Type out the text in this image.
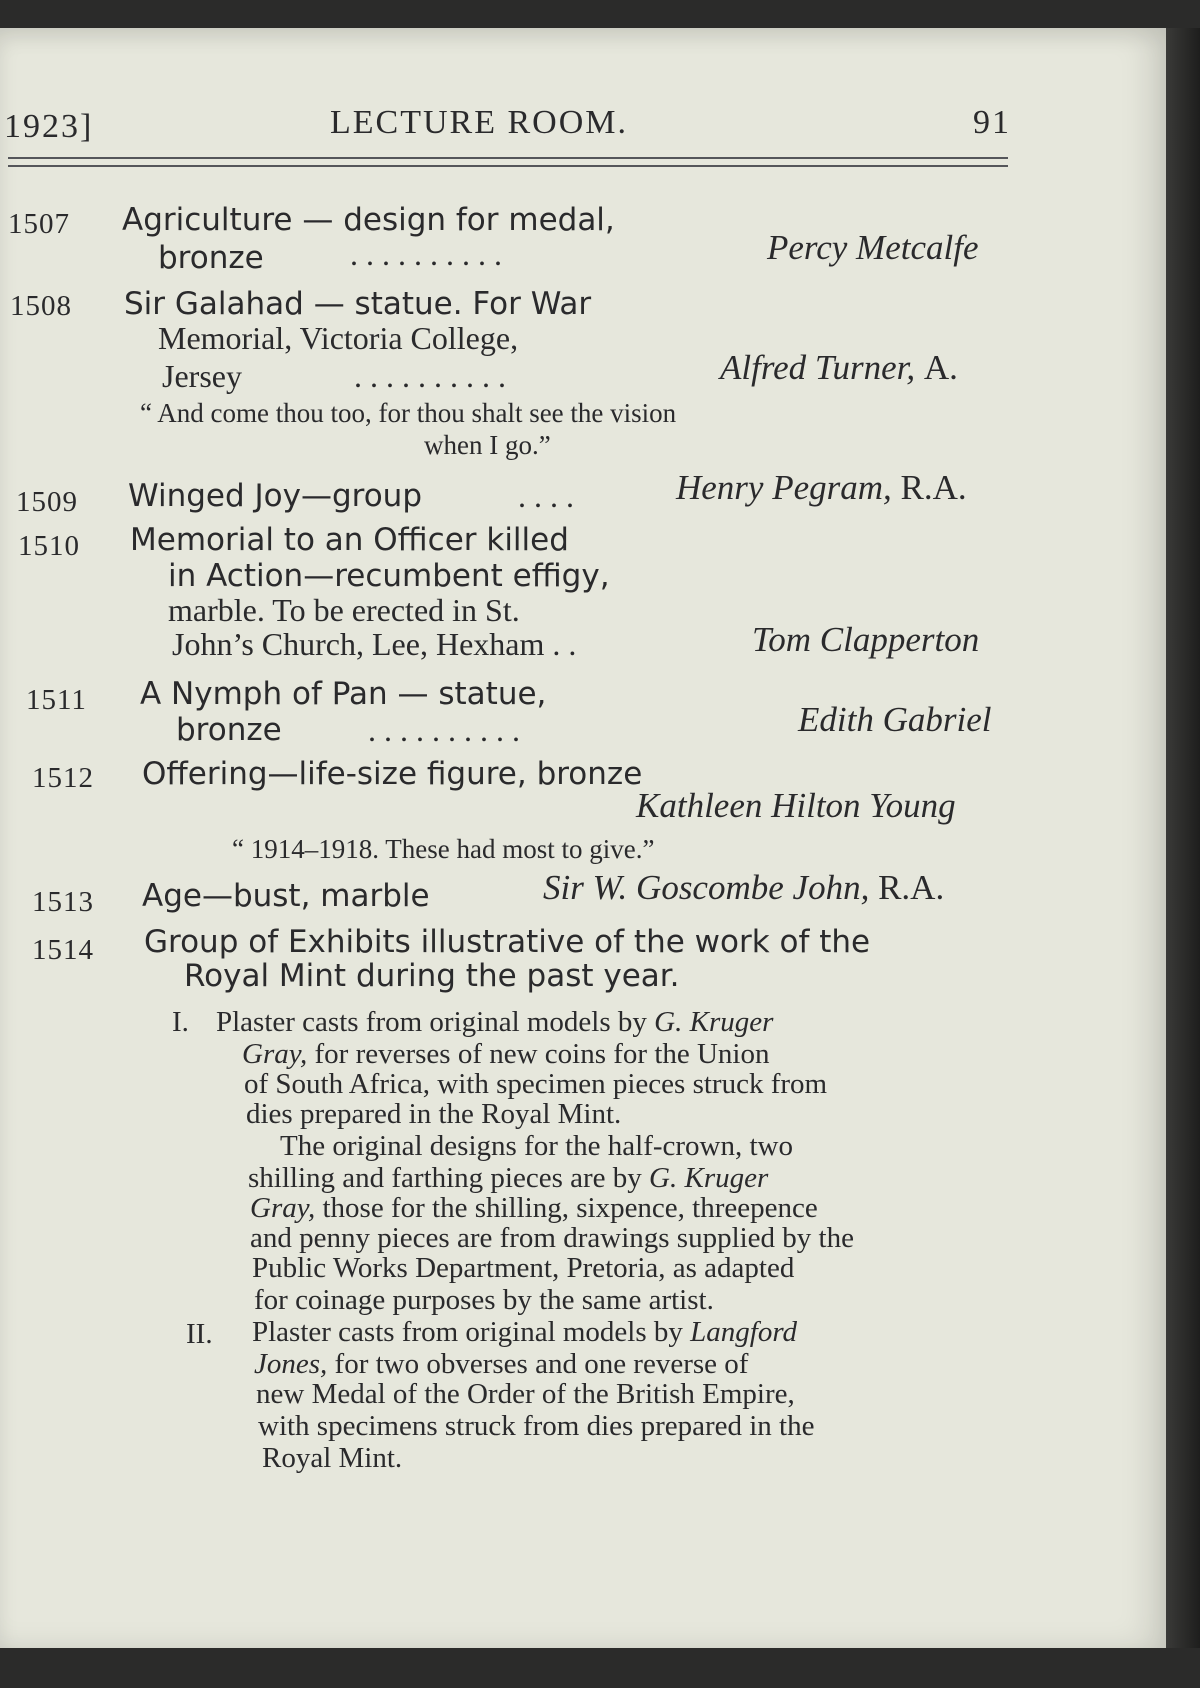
1923]	LECTURE ROOM.	91
1507 Agriculture — design for medal,
bronze	. . . . . . . . . .	Percy Metcalfe
1508 Sir Galahad — statue. For War
Memorial, Victoria College,
Jersey	. . . . . . . . . .	Alfred Turner, A.
“ And come thou too, for thou shalt see the vision
when I go.”
1509 Winged Joy—group	. . . .	Henry Pegram, R.A.
1510 Memorial to an Officer killed
in Action—recumbent effigy,
marble. To be erected in St.
John’s Church, Lee, Hexham . .	Tom Clapperton
1511 A Nymph of Pan — statue,
bronze	. . . . . . . . . .	Edith Gabriel
1512 Offering—life-size figure, bronze
Kathleen Hilton Young
“ 1914–1918. These had most to give.”
1513 Age—bust, marble	Sir W. Goscombe John, R.A.
1514 Group of Exhibits illustrative of the work of the
Royal Mint during the past year.
I. Plaster casts from original models by G. Kruger
Gray, for reverses of new coins for the Union
of South Africa, with specimen pieces struck from
dies prepared in the Royal Mint.
The original designs for the half-crown, two
shilling and farthing pieces are by G. Kruger
Gray, those for the shilling, sixpence, threepence
and penny pieces are from drawings supplied by the
Public Works Department, Pretoria, as adapted
for coinage purposes by the same artist.
II. Plaster casts from original models by Langford
Jones, for two obverses and one reverse of
new Medal of the Order of the British Empire,
with specimens struck from dies prepared in the
Royal Mint.
